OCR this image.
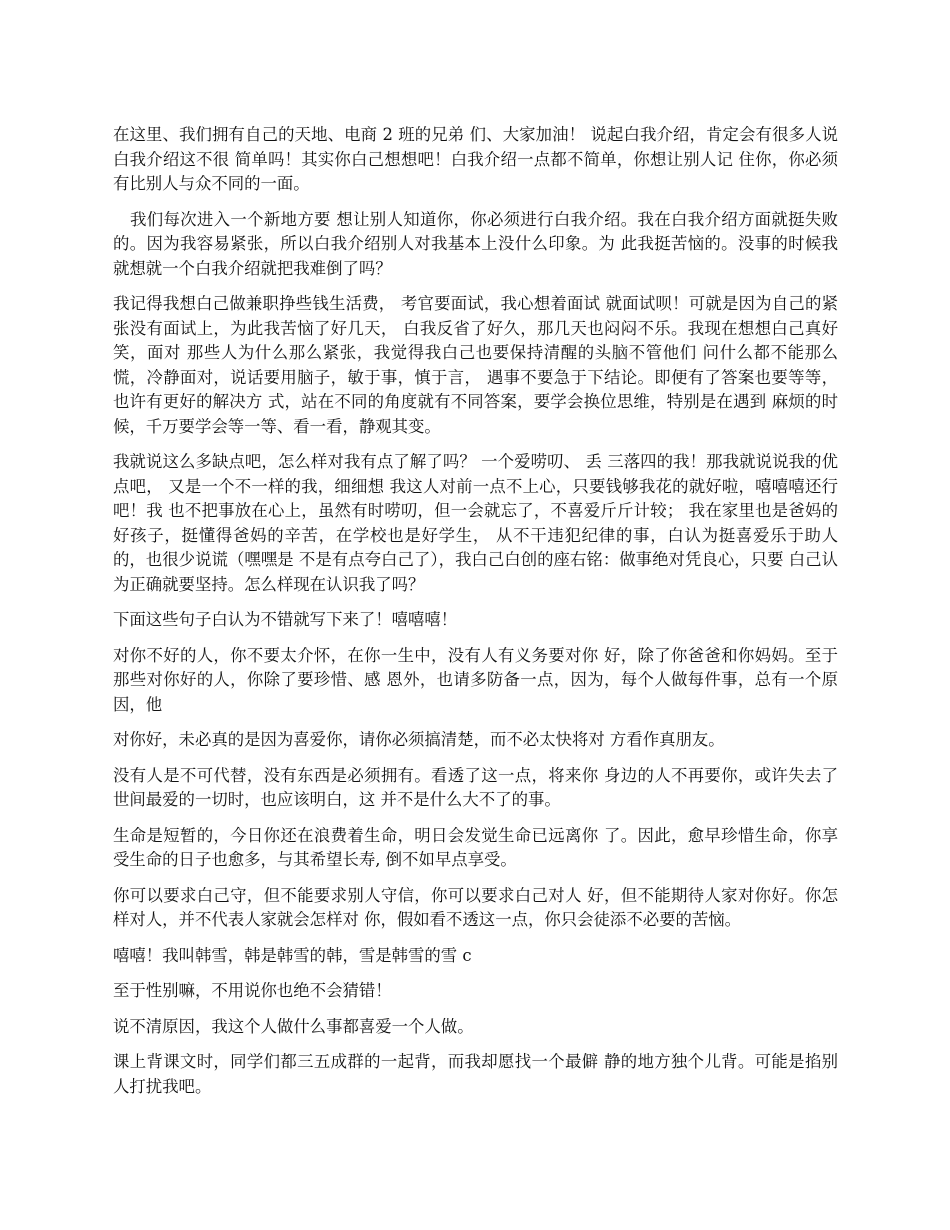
在这里、我们拥有自己的天地、电商 2 班的兄弟 们、大家加油！ 说起白我介绍，肯定会有很多人说白我介绍这不很 简单吗！其实你白己想想吧！白我介绍一点都不简单，你想让别人记 住你，你必须有比别人与众不同的一面。

我们每次进入一个新地方要 想让别人知道你，你必须进行白我介绍。我在白我介绍方面就挺失败 的。因为我容易紧张，所以白我介绍别人对我基本上没什么印象。为 此我挺苦恼的。没事的时候我就想就一个白我介绍就把我难倒了吗？

我记得我想白己做兼职挣些钱生活费， 考官要面试，我心想着面试 就面试呗！可就是因为自己的紧张没有面试上，为此我苦恼了好几天， 白我反省了好久，那几天也闷闷不乐。我现在想想白己真好笑，面对 那些人为什么那么紧张，我觉得我白己也要保持清醒的头脑不管他们 问什么都不能那么慌，冷静面对，说话要用脑子，敏于事，慎于言， 遇事不要急于下结论。即便有了答案也要等等，也许有更好的解决方 式，站在不同的角度就有不同答案，要学会换位思维，特别是在遇到 麻烦的时候，千万要学会等一等、看一看，静观其变。

我就说这么多缺点吧，怎么样对我有点了解了吗？ 一个爱唠叨、 丢 三落四的我！那我就说说我的优点吧， 又是一个不一样的我，细细想 我这人对前一点不上心，只要钱够我花的就好啦，嘻嘻嘻还行吧！我 也不把事放在心上，虽然有时唠叨，但一会就忘了，不喜爱斤斤计较； 我在家里也是爸妈的好孩子，挺懂得爸妈的辛苦，在学校也是好学生， 从不干违犯纪律的事，白认为挺喜爱乐于助人的，也很少说谎（嘿嘿是 不是有点夸白己了），我白己白创的座右铭：做事绝对凭良心，只要 白己认为正确就要坚持。怎么样现在认识我了吗？

下面这些句子白认为不错就写下来了！嘻嘻嘻！

对你不好的人，你不要太介怀，在你一生中，没有人有义务要对你 好，除了你爸爸和你妈妈。至于那些对你好的人，你除了要珍惜、感 恩外，也请多防备一点，因为，每个人做每件事，总有一个原因，他

对你好，未必真的是因为喜爱你，请你必须搞清楚，而不必太快将对 方看作真朋友。

没有人是不可代替，没有东西是必须拥有。看透了这一点，将来你 身边的人不再要你，或许失去了世间最爱的一切时，也应该明白，这 并不是什么大不了的事。

生命是短暂的，今日你还在浪费着生命，明日会发觉生命已远离你 了。因此，愈早珍惜生命，你享受生命的日子也愈多，与其希望长寿, 倒不如早点享受。

你可以要求白己守，但不能要求别人守信，你可以要求白己对人 好，但不能期待人家对你好。你怎样对人，并不代表人家就会怎样对 你，假如看不透这一点，你只会徒添不必要的苦恼。

嘻嘻！我叫韩雪，韩是韩雪的韩，雪是韩雪的雪 c

至于性别嘛，不用说你也绝不会猜错！

说不清原因，我这个人做什么事都喜爱一个人做。

课上背课文时，同学们都三五成群的一起背，而我却愿找一个最僻 静的地方独个儿背。可能是掐别人打扰我吧。
